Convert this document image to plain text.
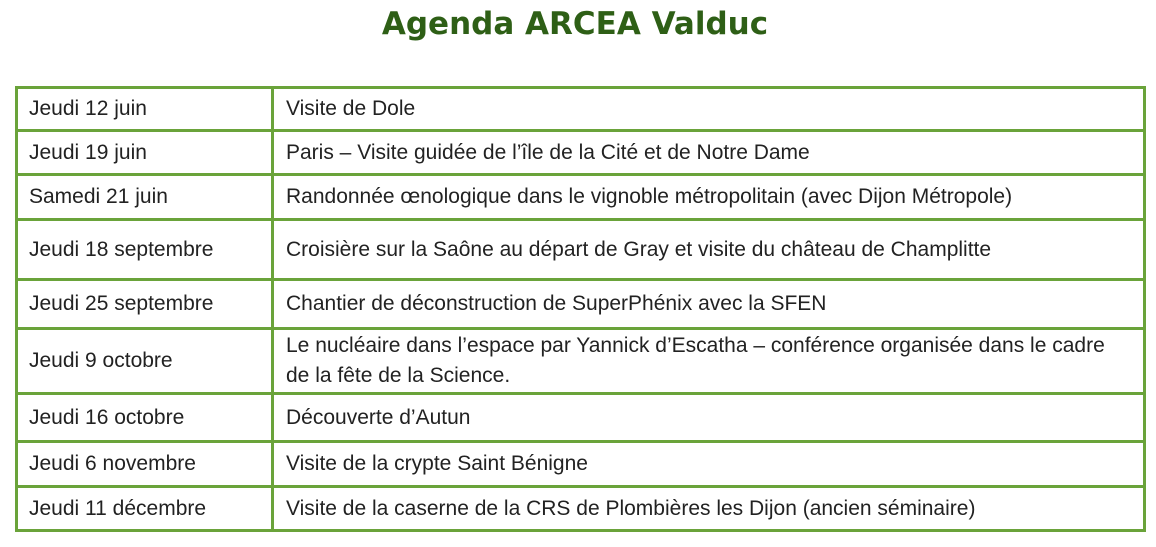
Agenda ARCEA Valduc
Jeudi 12 juin	Visite de Dole
Jeudi 19 juin	Paris – Visite guidée de l’île de la Cité et de Notre Dame
Samedi 21 juin	Randonnée œnologique dans le vignoble métropolitain (avec Dijon Métropole)
Jeudi 18 septembre	Croisière sur la Saône au départ de Gray et visite du château de Champlitte
Jeudi 25 septembre	Chantier de déconstruction de SuperPhénix avec la SFEN
Jeudi 9 octobre	Le nucléaire dans l’espace par Yannick d’Escatha – conférence organisée dans le cadre de la fête de la Science.
Jeudi 16 octobre	Découverte d’Autun
Jeudi 6 novembre	Visite de la crypte Saint Bénigne
Jeudi 11 décembre	Visite de la caserne de la CRS de Plombières les Dijon (ancien séminaire)
